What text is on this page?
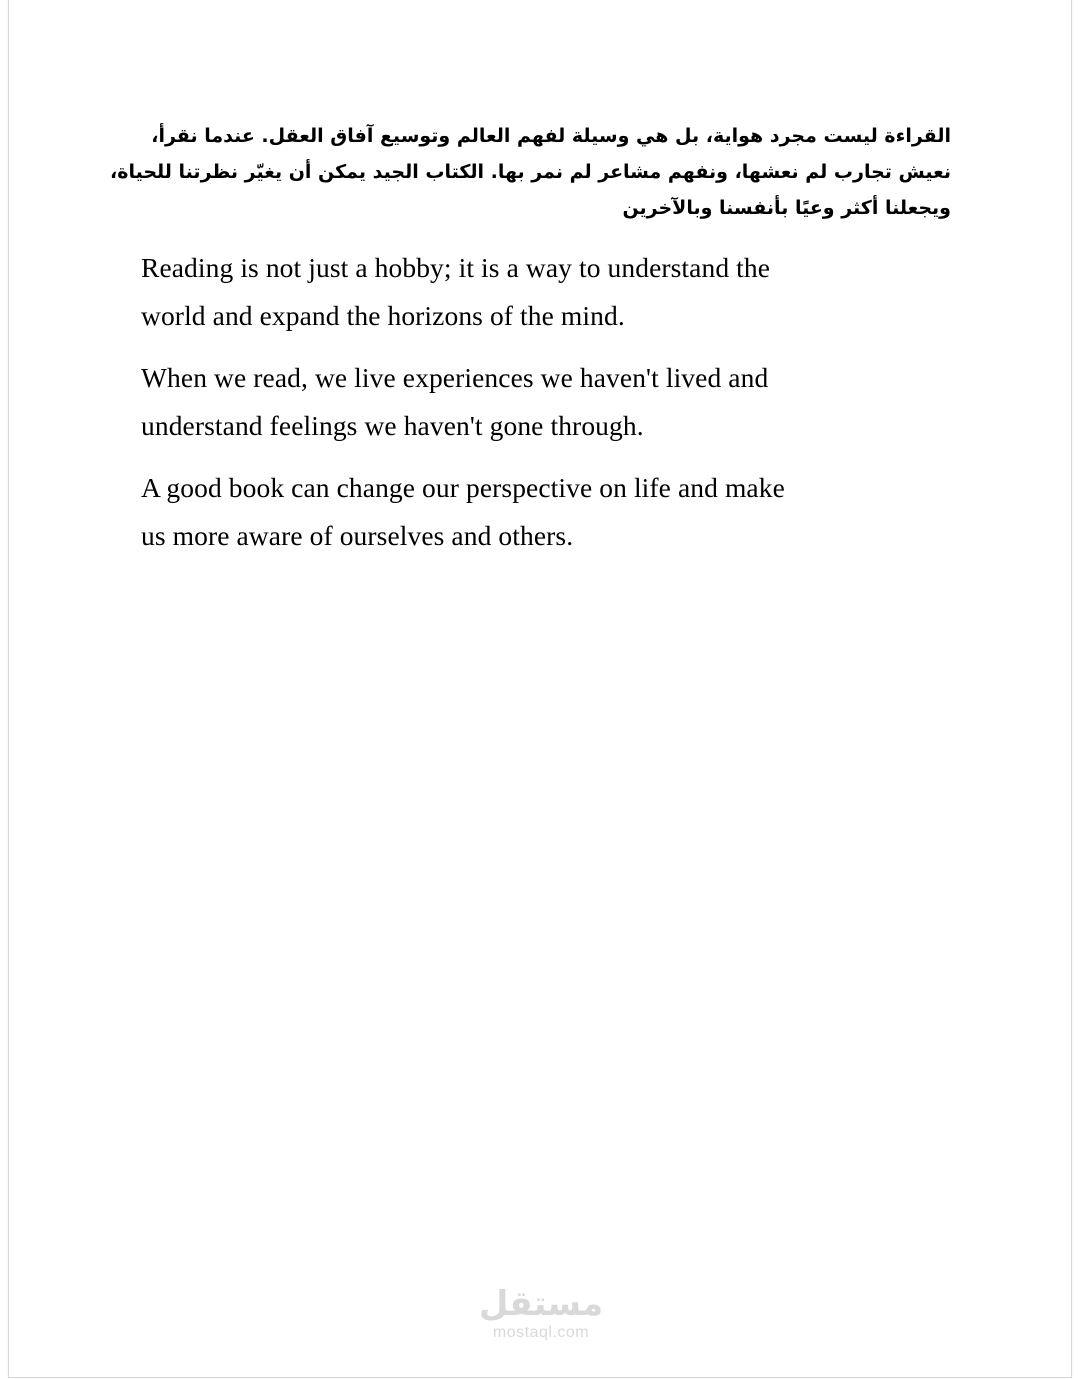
القراءة ليست مجرد هواية، بل هي وسيلة لفهم العالم وتوسيع آفاق العقل. عندما نقرأ،
نعيش تجارب لم نعشها، ونفهم مشاعر لم نمر بها. الكتاب الجيد يمكن أن يغيّر نظرتنا للحياة،
ويجعلنا أكثر وعيًا بأنفسنا وبالآخرين

Reading is not just a hobby; it is a way to understand the
world and expand the horizons of the mind.

When we read, we live experiences we haven't lived and
understand feelings we haven't gone through.

A good book can change our perspective on life and make
us more aware of ourselves and others.

مستقل
mostaql.com
